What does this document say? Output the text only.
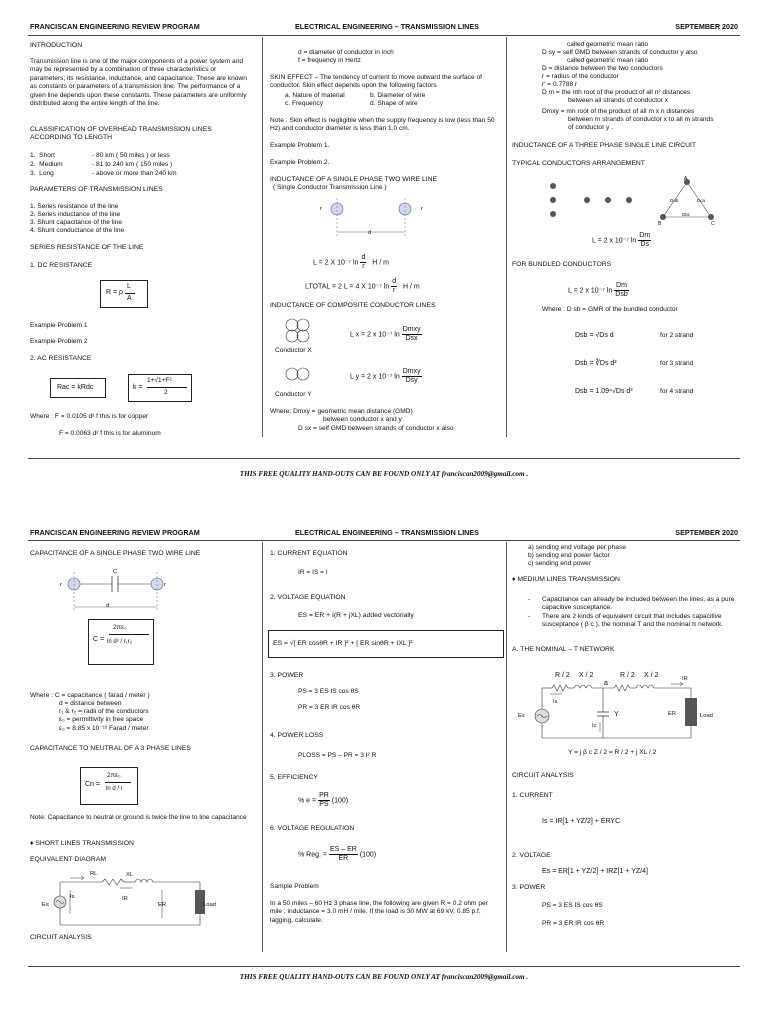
FRANCISCAN ENGINEERING REVIEW PROGRAM	ELECTRICAL ENGINEERING – TRANSMISSION LINES	SEPTEMBER 2020
INTRODUCTION
Transmission line is one of the major components of a power system and may be represented by a combination of three characteristics or parameters; its resistance, inductance, and capacitance. These are known as constants or parameters of a transmission line. The performance of a given line depends upon these constants. These parameters are uniformly distributed along the entire length of the line.
CLASSIFICATION OF OVERHEAD TRANSMISSION LINES ACCORDING TO LENGTH
1. Short	- 80 km ( 50 miles ) or less
2. Medium	- 81 to 240 km ( 150 miles )
3. Long	- above or more than 240 km
PARAMETERS OF TRANSMISSION LINES
1. Series resistance of the line
2. Series inductance of the line
3. Shunt capacitance of the line
4. Shunt conductance of the line
SERIES RESISTANCE OF THE LINE
1. DC RESISTANCE
R = ρ
L
A
Example Problem 1
Example Problem 2
2. AC RESISTANCE
Rac = kRdc	k =
1+√1+F²
2
Where : F = 0.0105 d² f this is for copper
F = 0.0063 d² f this is for aluminum
d = diameter of conductor in inch
f = frequency in Hertz
SKIN EFFECT – The tendency of current to move outward the surface of conductor. Skin effect depends upon the following factors
a. Nature of material	b. Diameter of wire
c. Frequency	d. Shape of wire
Note : Skin effect is negligible when the supply frequency is low (less than 50 Hz) and conductor diameter is less than 1.0 cm.
Example Problem 1.
Example Problem 2.
INDUCTANCE OF A SINGLE PHASE TWO WIRE LINE
( Single Conductor Transmission Line )
r	r
d
L = 2 X 10⁻⁷ $\ln \frac{d}{r}$ H / m
LTOTAL = 2 L = 4 X 10⁻⁷ $\ln \frac{d}{r}$ H / m
INDUCTANCE OF COMPOSITE CONDUCTOR LINES
L x = 2 x 10⁻⁷ ln
Dmxy
Dsx
Conductor X
L y = 2 x 10⁻⁷ ln
Dmxy
Dsy
Conductor Y
Where: Dmxy = geometric mean distance (GMD)
between conductor x and y
D sx = self GMD between strands of conductor x also
called geometric mean ratio
D sy = self GMD between strands of conductor y also
called geometric mean ratio
D = distance between the two conductors
r = radius of the conductor
r' = 0.7788 r
D m = the nth root of the product of all n² distances
between all strands of conductor x
Dmxy = mn root of the product of all m x n distances
between m strands of conductor x to all m strands
of conductor y .
INDUCTANCE OF A THREE PHASE SINGLE LINE CIRCUIT
TYPICAL CONDUCTORS ARRANGEMENT
A
B	C
Dab	Dca
Dbc
L = 2 x 10⁻⁷ $\ln \frac{Dm}{Ds}$
FOR BUNDLED CONDUCTORS
L = 2 x 10⁻⁷ ln
Dm
Dsb
Where : D sb = GMR of the bundled conductor
Dsb = √Ds d	for 2 strand
Dsb = ∛Ds d²	for 3 strand
Dsb = 1.09⁴√Ds d³	for 4 strand
THIS FREE QUALITY HAND-OUTS CAN BE FOUND ONLY AT franciscan2009@gmail.com .
FRANCISCAN ENGINEERING REVIEW PROGRAM	ELECTRICAL ENGINEERING – TRANSMISSION LINES	SEPTEMBER 2020
CAPACITANCE OF A SINGLE PHASE TWO WIRE LINE
C
r	r
d
C =
2πε₀
ln d² / r₁r₂
Where : C = capacitance ( farad / meter )
d = distance between
r₁ & r₂ = radii of the conductors
ε₀ = permittivity in free space
ε₀ = 8.85 x 10⁻¹² Farad / meter
CAPACITANCE TO NEUTRAL OF A 3 PHASE LINES
Cn =
2πε₀
ln d / r
Note: Capacitance to neutral or ground is twice the line to line capacitance
♦ SHORT LINES TRANSMISSION
EQUIVALENT DIAGRAM
RL	XL
Is	IR
Es	ER	Load
CIRCUIT ANALYSIS
1. CURRENT EQUATION
IR = IS = I
2. VOLTAGE EQUATION
ES = ER + I(R + jXL) added vectorially
ES = √[ ER cosθR + IR ]² + [ ER sinθR + IXL ]²
3. POWER
PS = 3 ES IS cos θS
PR = 3 ER IR cos θR
4. POWER LOSS
PLOSS = PS – PR = 3 I² R
5. EFFICIENCY
% $e = \frac{PR}{PS} (100)$
6. VOLTAGE REGULATION
% Reg. = $\frac{ES - ER}{ER} (100)$
Sample Problem
In a 50 miles – 60 Hz 3 phase line, the following are given R = 0.2 ohm per mile , inductance = 3.0 mH / mile. If the load is 30 MW at 69 kV, 0.85 p.f. lagging, calculate:
a) sending end voltage per phase
b) sending end power factor
c) sending end power
♦ MEDIUM LINES TRANSMISSION
- Capacitance can already be included between the lines, as a pure capacitive susceptance.
- There are 2 kinds of equivalent circuit that includes capacitive susceptance ( β c ), the nominal T and the nominal π network.
A. THE NOMINAL – T NETWORK
R / 2 X / 2	R / 2 X / 2
a
IR
Is
Ic
Y
Es	ER	Load
Y = j β c Z / 2 = R / 2 + j XL / 2
CIRCUIT ANALYSIS
1. CURRENT
Is = IR[1 + YZ/2] + ERYC
2. VOLTAGE
Es = ER[1 + YZ/2] + IRZ[1 + YZ/4]
3. POWER
PS = 3 ES IS cos θS
PR = 3 ER IR cos θR
THIS FREE QUALITY HAND-OUTS CAN BE FOUND ONLY AT franciscan2009@gmail.com .
